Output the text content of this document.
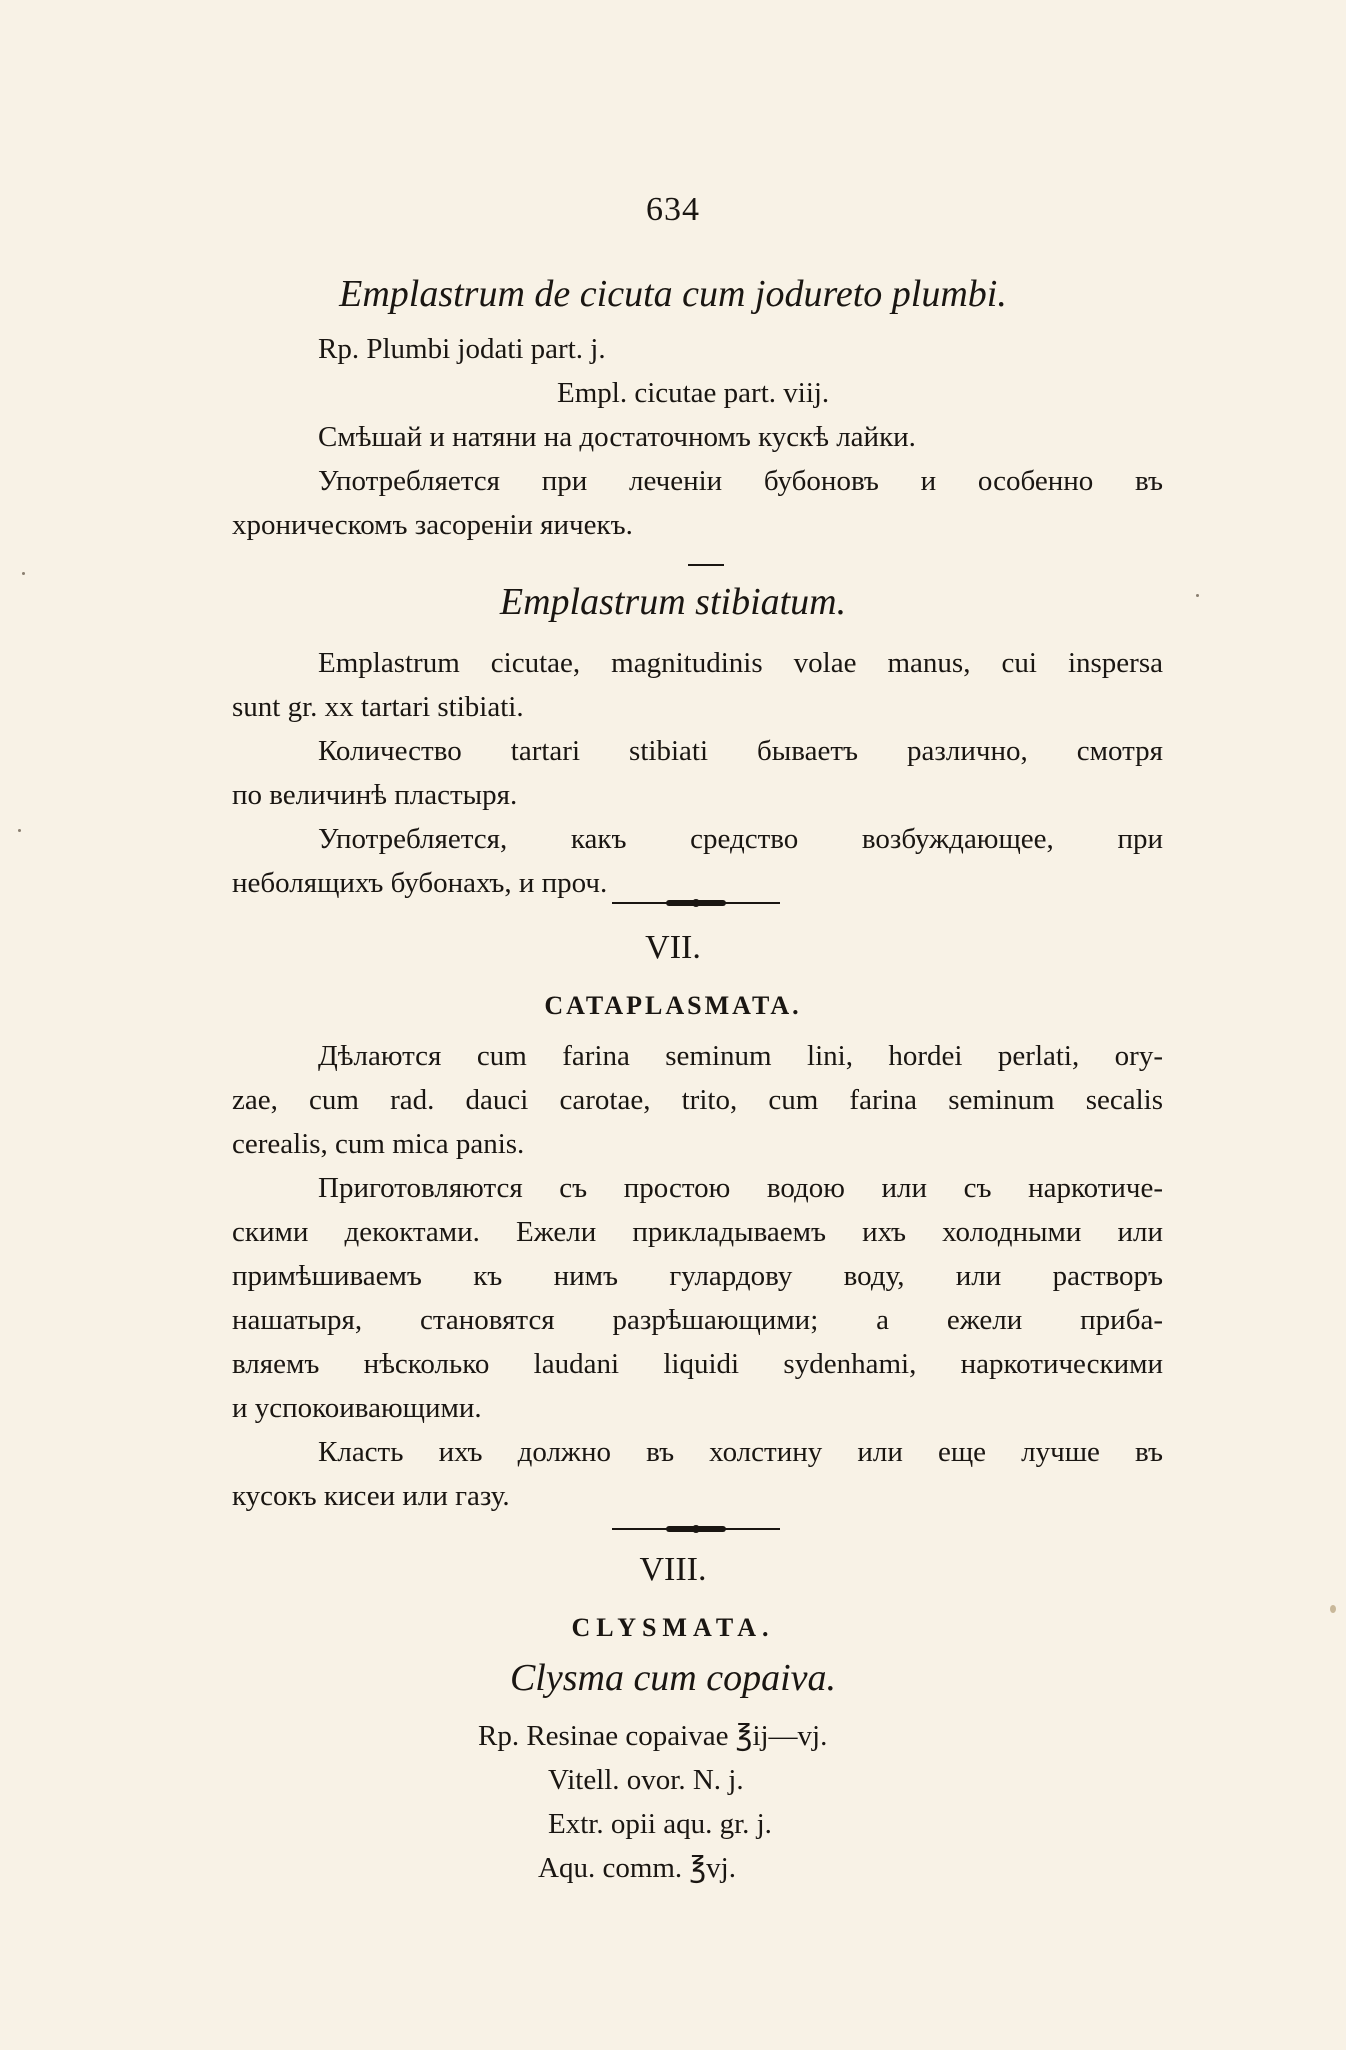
634
Emplastrum de cicuta cum jodureto plumbi.
Rp. Plumbi jodati part. j.
Empl. cicutae part. viij.
Смѣшай и натяни на достаточномъ кускѣ лайки.
Употребляется при леченіи бубоновъ и особенно въ
хроническомъ засореніи яичекъ.
Emplastrum stibiatum.
Emplastrum cicutae, magnitudinis volae manus, cui inspersa
sunt gr. xx tartari stibiati.
Количество tartari stibiati бываетъ различно, смотря
по величинѣ пластыря.
Употребляется, какъ средство возбуждающее, при
неболящихъ бубонахъ, и проч.
VII.
CATAPLASMATA.
Дѣлаются cum farina seminum lini, hordei perlati, ory-
zae, cum rad. dauci carotae, trito, cum farina seminum secalis
cerealis, cum mica panis.
Приготовляются съ простою водою или съ наркотиче-
скими декоктами. Ежели прикладываемъ ихъ холодными или
примѣшиваемъ къ нимъ гулардову воду, или растворъ
нашатыря, становятся разрѣшающими; а ежели приба-
вляемъ нѣсколько laudani liquidi sydenhami, наркотическими
и успокоивающими.
Класть ихъ должно въ холстину или еще лучше въ
кусокъ кисеи или газу.
VIII.
CLYSMATA.
Clysma cum copaiva.
Rp. Resinae copaivae ℥ij—vj.
Vitell. ovor. N. j.
Extr. opii aqu. gr. j.
Aqu. comm. ℥vj.
